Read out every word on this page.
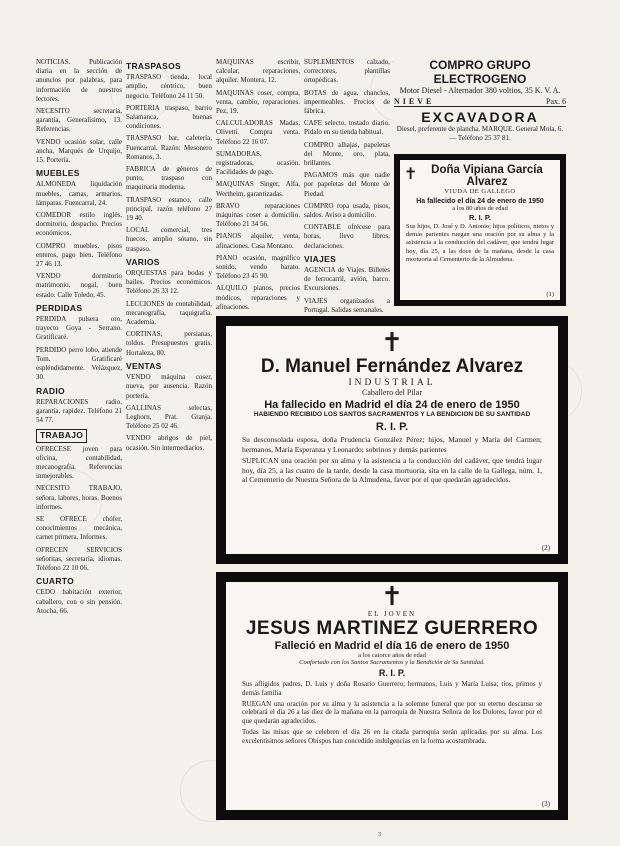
NOTICIAS. Publicación diaria en la sección de anuncios por palabras, para información de nuestros lectores.

NECESITO secretaria, garantía, Generalísimo, 13. Referencias.

VENDO ocasión solar, calle ancha, Marqués de Urquijo, 15. Portería.

MUEBLES

ALMONEDA liquidación muebles, camas, armarios, lámparas. Fuencarral, 24.

COMEDOR estilo inglés, dormitorio, despacho. Precios económicos.

COMPRO muebles, pisos enteros, pago bien. Teléfono 27 46 13.

VENDO dormitorio matrimonio, nogal, buen estado. Calle Toledo, 45.

PERDIDAS

PERDIDA pulsera oro, trayecto Goya - Serrano. Gratificaré.

PERDIDO perro lobo, atiende Tom. Gratificaré espléndidamente. Velázquez, 30.

RADIO

REPARACIONES radio, garantía, rapidez. Teléfono 21 54 77.

TRABAJO

OFRECESE joven para oficina, contabilidad, mecanografía. Referencias inmejorables.

NECESITO TRABAJO, señora, labores, horas. Buenos informes.

SE OFRECE chófer, conocimientos mecánica, carnet primera. Informes.

OFRECEN SERVICIOS señoritas, secretaría, idiomas. Teléfono 22 10 06.

CUARTO

CEDO habitación exterior, caballero, con o sin pensión. Atocha, 66.

TRASPASOS

TRASPASO tienda, local amplio, céntrico, buen negocio. Teléfono 24 11 50.

PORTERIA traspaso, barrio Salamanca, buenas condiciones.

TRASPASO bar, cafetería, Fuencarral. Razón: Mesonero Romanos, 3.

FABRICA de géneros de punto, traspaso con maquinaria moderna.

TRASPASO estanco, calle principal, razón teléfono 27 19 40.

LOCAL comercial, tres huecos, amplio sótano, sin traspaso.

VARIOS

ORQUESTAS para bodas y bailes. Precios económicos. Teléfono 26 33 12.

LECCIONES de contabilidad, mecanografía, taquigrafía. Academia.

CORTINAS, persianas, toldos. Presupuestos gratis. Hortaleza, 80.

VENTAS

VENDO máquina coser, nueva, por ausencia. Razón portería.

GALLINAS selectas, Leghorn, Prat. Granja. Teléfono 25 02 46.

VENDO abrigos de piel, ocasión. Sin intermediarios.

MAQUINAS escribir, calcular, reparaciones, alquiler. Montera, 12.

MAQUINAS coser, compra, venta, cambio, reparaciones. Pez, 19.

CALCULADORAS Madas, Olivetti. Compra venta. Teléfono 22 16 07.

SUMADORAS, registradoras, ocasión. Facilidades de pago.

MAQUINAS Singer, Alfa, Wertheim, garantizadas.

BRAVO reparaciones máquinas coser a domicilio. Teléfono 21 34 56.

PIANOS alquiler, venta, afinaciones. Casa Montano.

PIANO ocasión, magnífico sonido, vendo barato. Teléfono 23 45 90.

ALQUILO pianos, precios módicos, reparaciones y afinaciones.

SUPLEMENTOS calzado, correctores, plantillas ortopédicas.

BOTAS de agua, chanclos, impermeables. Precios de fábrica.

CAFE selecto, tostado diario. Pídalo en su tienda habitual.

COMPRO alhajas, papeletas del Monte, oro, plata, brillantes.

PAGAMOS más que nadie por papeletas del Monte de Piedad.

COMPRO ropa usada, pisos, saldos. Aviso a domicilio.

CONTABLE ofrécese para horas, llevo libros, declaraciones.

VIAJES

AGENCIA de Viajes. Billetes de ferrocarril, avión, barco. Excursiones.

VIAJES organizados a Portugal. Salidas semanales.

COMPRO GRUPO ELECTROGENO
Motor Diesel - Alternador 380 voltios, 35 K. V. A.
NIEVE	Pax. 6
EXCAVADORA
Diesel, preferente de plancha. MARQUE. General Mola, 6. — Teléfono 25 37 81.
✝	Doña Vipiana García Alvarez
VIUDA DE GALLEGO
Ha fallecido el día 24 de enero de 1950
a los 80 años de edad
R. I. P.
Sus hijos, D. José y D. Antonio; hijos políticos, nietos y demás parientes ruegan una oración por su alma y la asistencia a la conducción del cadáver, que tendrá lugar hoy, día 25, a las doce de la mañana, desde la casa mortuoria al Cementerio de la Almudena.
(1)
✝
D. Manuel Fernández Alvarez
INDUSTRIAL
Caballero del Pilar
Ha fallecido en Madrid el día 24 de enero de 1950
HABIENDO RECIBIDO LOS SANTOS SACRAMENTOS Y LA BENDICION DE SU SANTIDAD
R. I. P.
Su desconsolada esposa, doña Prudencia González Pérez; hijos, Manuel y María del Carmen; hermanos, María Esperanza y Leonardo; sobrinos y demás parientes
SUPLICAN una oración por su alma y la asistencia a la conducción del cadáver, que tendrá lugar hoy, día 25, a las cuatro de la tarde, desde la casa mortuoria, sita en la calle de la Gallega, núm. 1, al Cementerio de Nuestra Señora de la Almudena, favor por el que quedarán agradecidos.
(2)
✝
EL JOVEN
JESUS MARTINEZ GUERRERO
Falleció en Madrid el día 16 de enero de 1950
a los catorce años de edad
Confortado con los Santos Sacramentos y la Bendición de Su Santidad.
R. I. P.
Sus afligidos padres, D. Luis y doña Rosario Guerrero; hermanos, Luis y María Luisa; tíos, primos y demás familia
RUEGAN una oración por su alma y la asistencia a la solemne funeral que por su eterno descanso se celebrará el día 26 a las diez de la mañana en la parroquia de Nuestra Señora de los Dolores, favor por el que quedarán agradecidos.
Todas las misas que se celebren el día 26 en la citada parroquia serán aplicadas por su alma. Los excelentísimos señores Obispos han concedido indulgencias en la forma acostumbrada.
(3)
3
